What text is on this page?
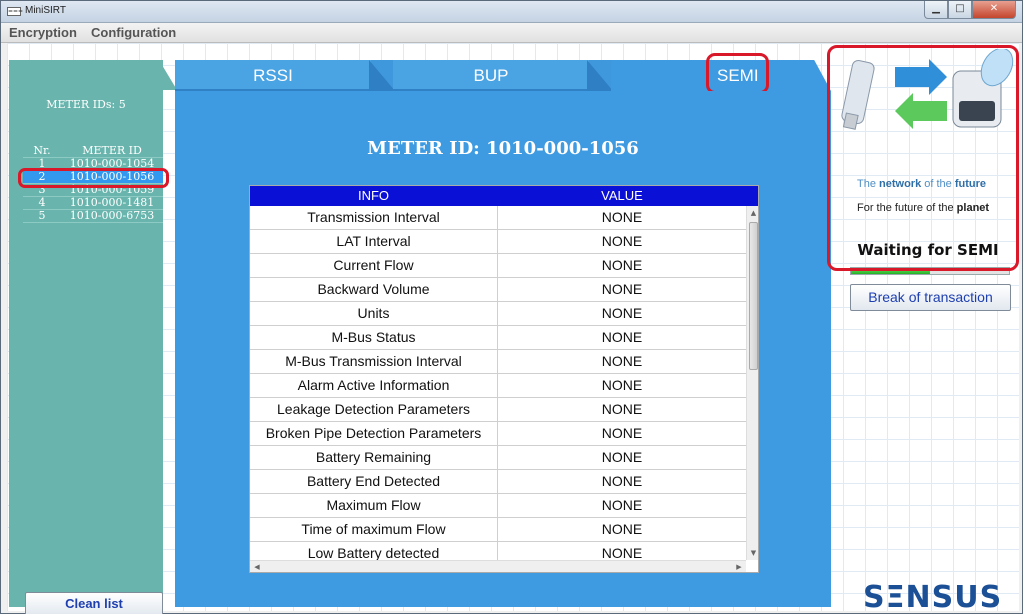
=== MiniSIRT	▁	□	✕
Encryption Configuration
METER IDs: 5
Nr.	METER ID
1	1010-000-1054
2	1010-000-1056
3	1010-000-1059
4	1010-000-1481
5	1010-000-6753
Clean list
RSSI	BUP	SEMI
METER ID: 1010-000-1056
INFO	VALUE
Transmission Interval	NONE
LAT Interval	NONE
Current Flow	NONE
Backward Volume	NONE
Units	NONE
M-Bus Status	NONE
M-Bus Transmission Interval	NONE
Alarm Active Information	NONE
Leakage Detection Parameters	NONE
Broken Pipe Detection Parameters	NONE
Battery Remaining	NONE
Battery End Detected	NONE
Maximum Flow	NONE
Time of maximum Flow	NONE
Low Battery detected	NONE
▲
▼
◀	▶
The network of the future
For the future of the planet
Waiting for SEMI
Break of transaction
SΞNSUS
